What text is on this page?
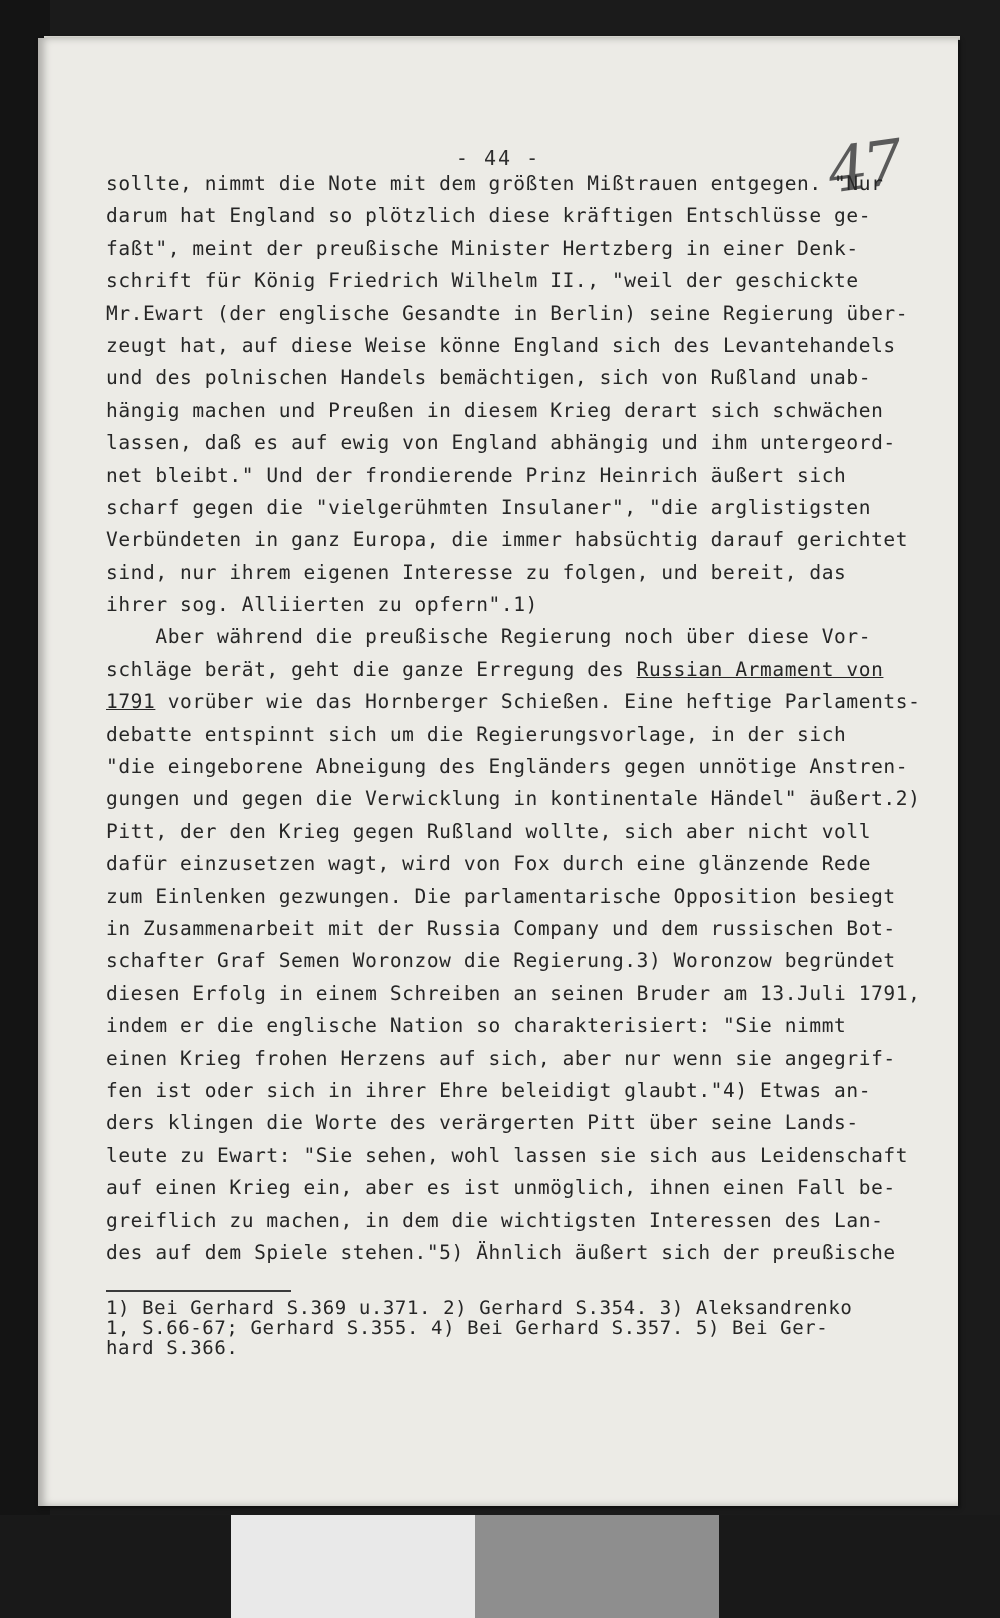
- 44 -	47
sollte, nimmt die Note mit dem größten Mißtrauen entgegen. "Nur
darum hat England so plötzlich diese kräftigen Entschlüsse ge-
faßt", meint der preußische Minister Hertzberg in einer Denk-
schrift für König Friedrich Wilhelm II., "weil der geschickte
Mr.Ewart (der englische Gesandte in Berlin) seine Regierung über-
zeugt hat, auf diese Weise könne England sich des Levantehandels
und des polnischen Handels bemächtigen, sich von Rußland unab-
hängig machen und Preußen in diesem Krieg derart sich schwächen
lassen, daß es auf ewig von England abhängig und ihm untergeord-
net bleibt." Und der frondierende Prinz Heinrich äußert sich
scharf gegen die "vielgerühmten Insulaner", "die arglistigsten
Verbündeten in ganz Europa, die immer habsüchtig darauf gerichtet
sind, nur ihrem eigenen Interesse zu folgen, und bereit, das
ihrer sog. Alliierten zu opfern".1)
Aber während die preußische Regierung noch über diese Vor-
schläge berät, geht die ganze Erregung des Russian Armament von
1791 vorüber wie das Hornberger Schießen. Eine heftige Parlaments-
debatte entspinnt sich um die Regierungsvorlage, in der sich
"die eingeborene Abneigung des Engländers gegen unnötige Anstren-
gungen und gegen die Verwicklung in kontinentale Händel" äußert.2)
Pitt, der den Krieg gegen Rußland wollte, sich aber nicht voll
dafür einzusetzen wagt, wird von Fox durch eine glänzende Rede
zum Einlenken gezwungen. Die parlamentarische Opposition besiegt
in Zusammenarbeit mit der Russia Company und dem russischen Bot-
schafter Graf Semen Woronzow die Regierung.3) Woronzow begründet
diesen Erfolg in einem Schreiben an seinen Bruder am 13.Juli 1791,
indem er die englische Nation so charakterisiert: "Sie nimmt
einen Krieg frohen Herzens auf sich, aber nur wenn sie angegrif-
fen ist oder sich in ihrer Ehre beleidigt glaubt."4) Etwas an-
ders klingen die Worte des verärgerten Pitt über seine Lands-
leute zu Ewart: "Sie sehen, wohl lassen sie sich aus Leidenschaft
auf einen Krieg ein, aber es ist unmöglich, ihnen einen Fall be-
greiflich zu machen, in dem die wichtigsten Interessen des Lan-
des auf dem Spiele stehen."5) Ähnlich äußert sich der preußische
1) Bei Gerhard S.369 u.371. 2) Gerhard S.354. 3) Aleksandrenko
1, S.66-67; Gerhard S.355. 4) Bei Gerhard S.357. 5) Bei Ger-
hard S.366.
